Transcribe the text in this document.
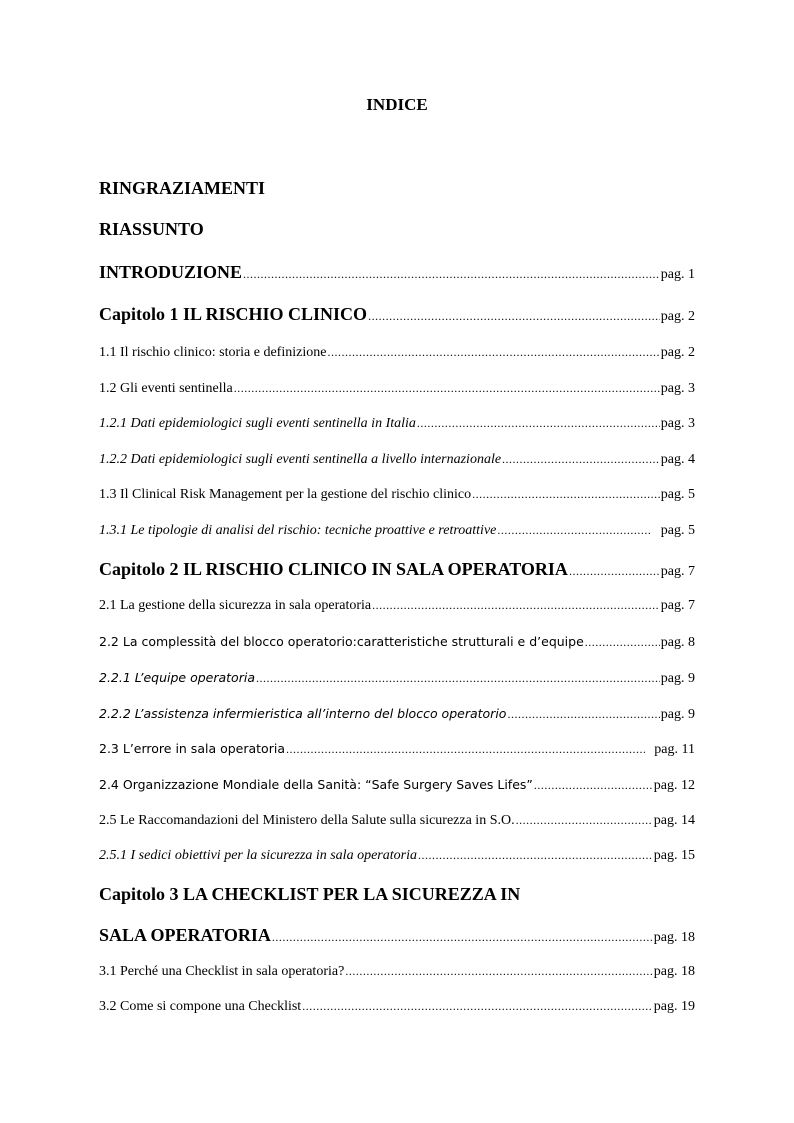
INDICE
RINGRAZIAMENTI
RIASSUNTO
INTRODUZIONE .....	pag. 1
Capitolo 1 IL RISCHIO CLINICO .....	pag. 2
1.1 Il rischio clinico: storia e definizione .....	pag. 2
1.2 Gli eventi sentinella .....	pag. 3
1.2.1 Dati epidemiologici sugli eventi sentinella in Italia .....	pag. 3
1.2.2 Dati epidemiologici sugli eventi sentinella a livello internazionale .....	pag. 4
1.3 Il Clinical Risk Management per la gestione del rischio clinico .....	pag. 5
1.3.1 Le tipologie di analisi del rischio: tecniche proattive e retroattive .....	pag. 5
Capitolo 2 IL RISCHIO CLINICO IN SALA OPERATORIA .....	pag. 7
2.1 La gestione della sicurezza in sala operatoria .....	pag. 7
2.2 La complessità del blocco operatorio:caratteristiche strutturali e d’equipe .....	pag. 8
2.2.1 L’equipe operatoria .....	pag. 9
2.2.2 L’assistenza infermieristica all’interno del blocco operatorio .....	pag. 9
2.3 L’errore in sala operatoria .....	pag. 11
2.4 Organizzazione Mondiale della Sanità: “Safe Surgery Saves Lifes” .....	pag. 12
2.5 Le Raccomandazioni del Ministero della Salute sulla sicurezza in S.O. .....	pag. 14
2.5.1 I sedici obiettivi per la sicurezza in sala operatoria .....	pag. 15
Capitolo 3 LA CHECKLIST PER LA SICUREZZA IN
SALA OPERATORIA .....	pag. 18
3.1 Perché una Checklist in sala operatoria? .....	pag. 18
3.2 Come si compone una Checklist .....	pag. 19
